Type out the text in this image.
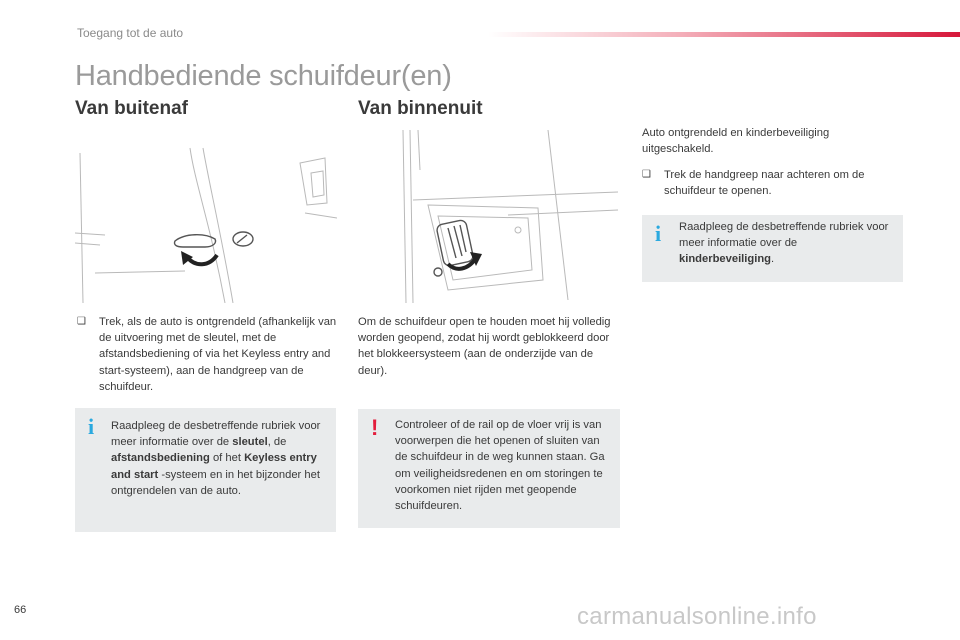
Toegang tot de auto
Handbediende schuifdeur(en)
Van buitenaf	Van binnenuit
❑ Trek, als de auto is ontgrendeld (afhankelijk van de uitvoering met de sleutel, met de afstandsbediening of via het Keyless entry and start-systeem), aan de handgreep van de schuifdeur.
i Raadpleeg de desbetreffende rubriek voor meer informatie over de sleutel, de afstandsbediening of het Keyless entry and start -systeem en in het bijzonder het ontgrendelen van de auto.
Om de schuifdeur open te houden moet hij volledig worden geopend, zodat hij wordt geblokkeerd door het blokkeersysteem (aan de onderzijde van de deur).
! Controleer of de rail op de vloer vrij is van voorwerpen die het openen of sluiten van de schuifdeur in de weg kunnen staan. Ga om veiligheidsredenen en om storingen te voorkomen niet rijden met geopende schuifdeuren.
Auto ontgrendeld en kinderbeveiliging uitgeschakeld.
❑ Trek de handgreep naar achteren om de schuifdeur te openen.
i Raadpleeg de desbetreffende rubriek voor meer informatie over de kinderbeveiliging.
66	carmanualsonline.info
